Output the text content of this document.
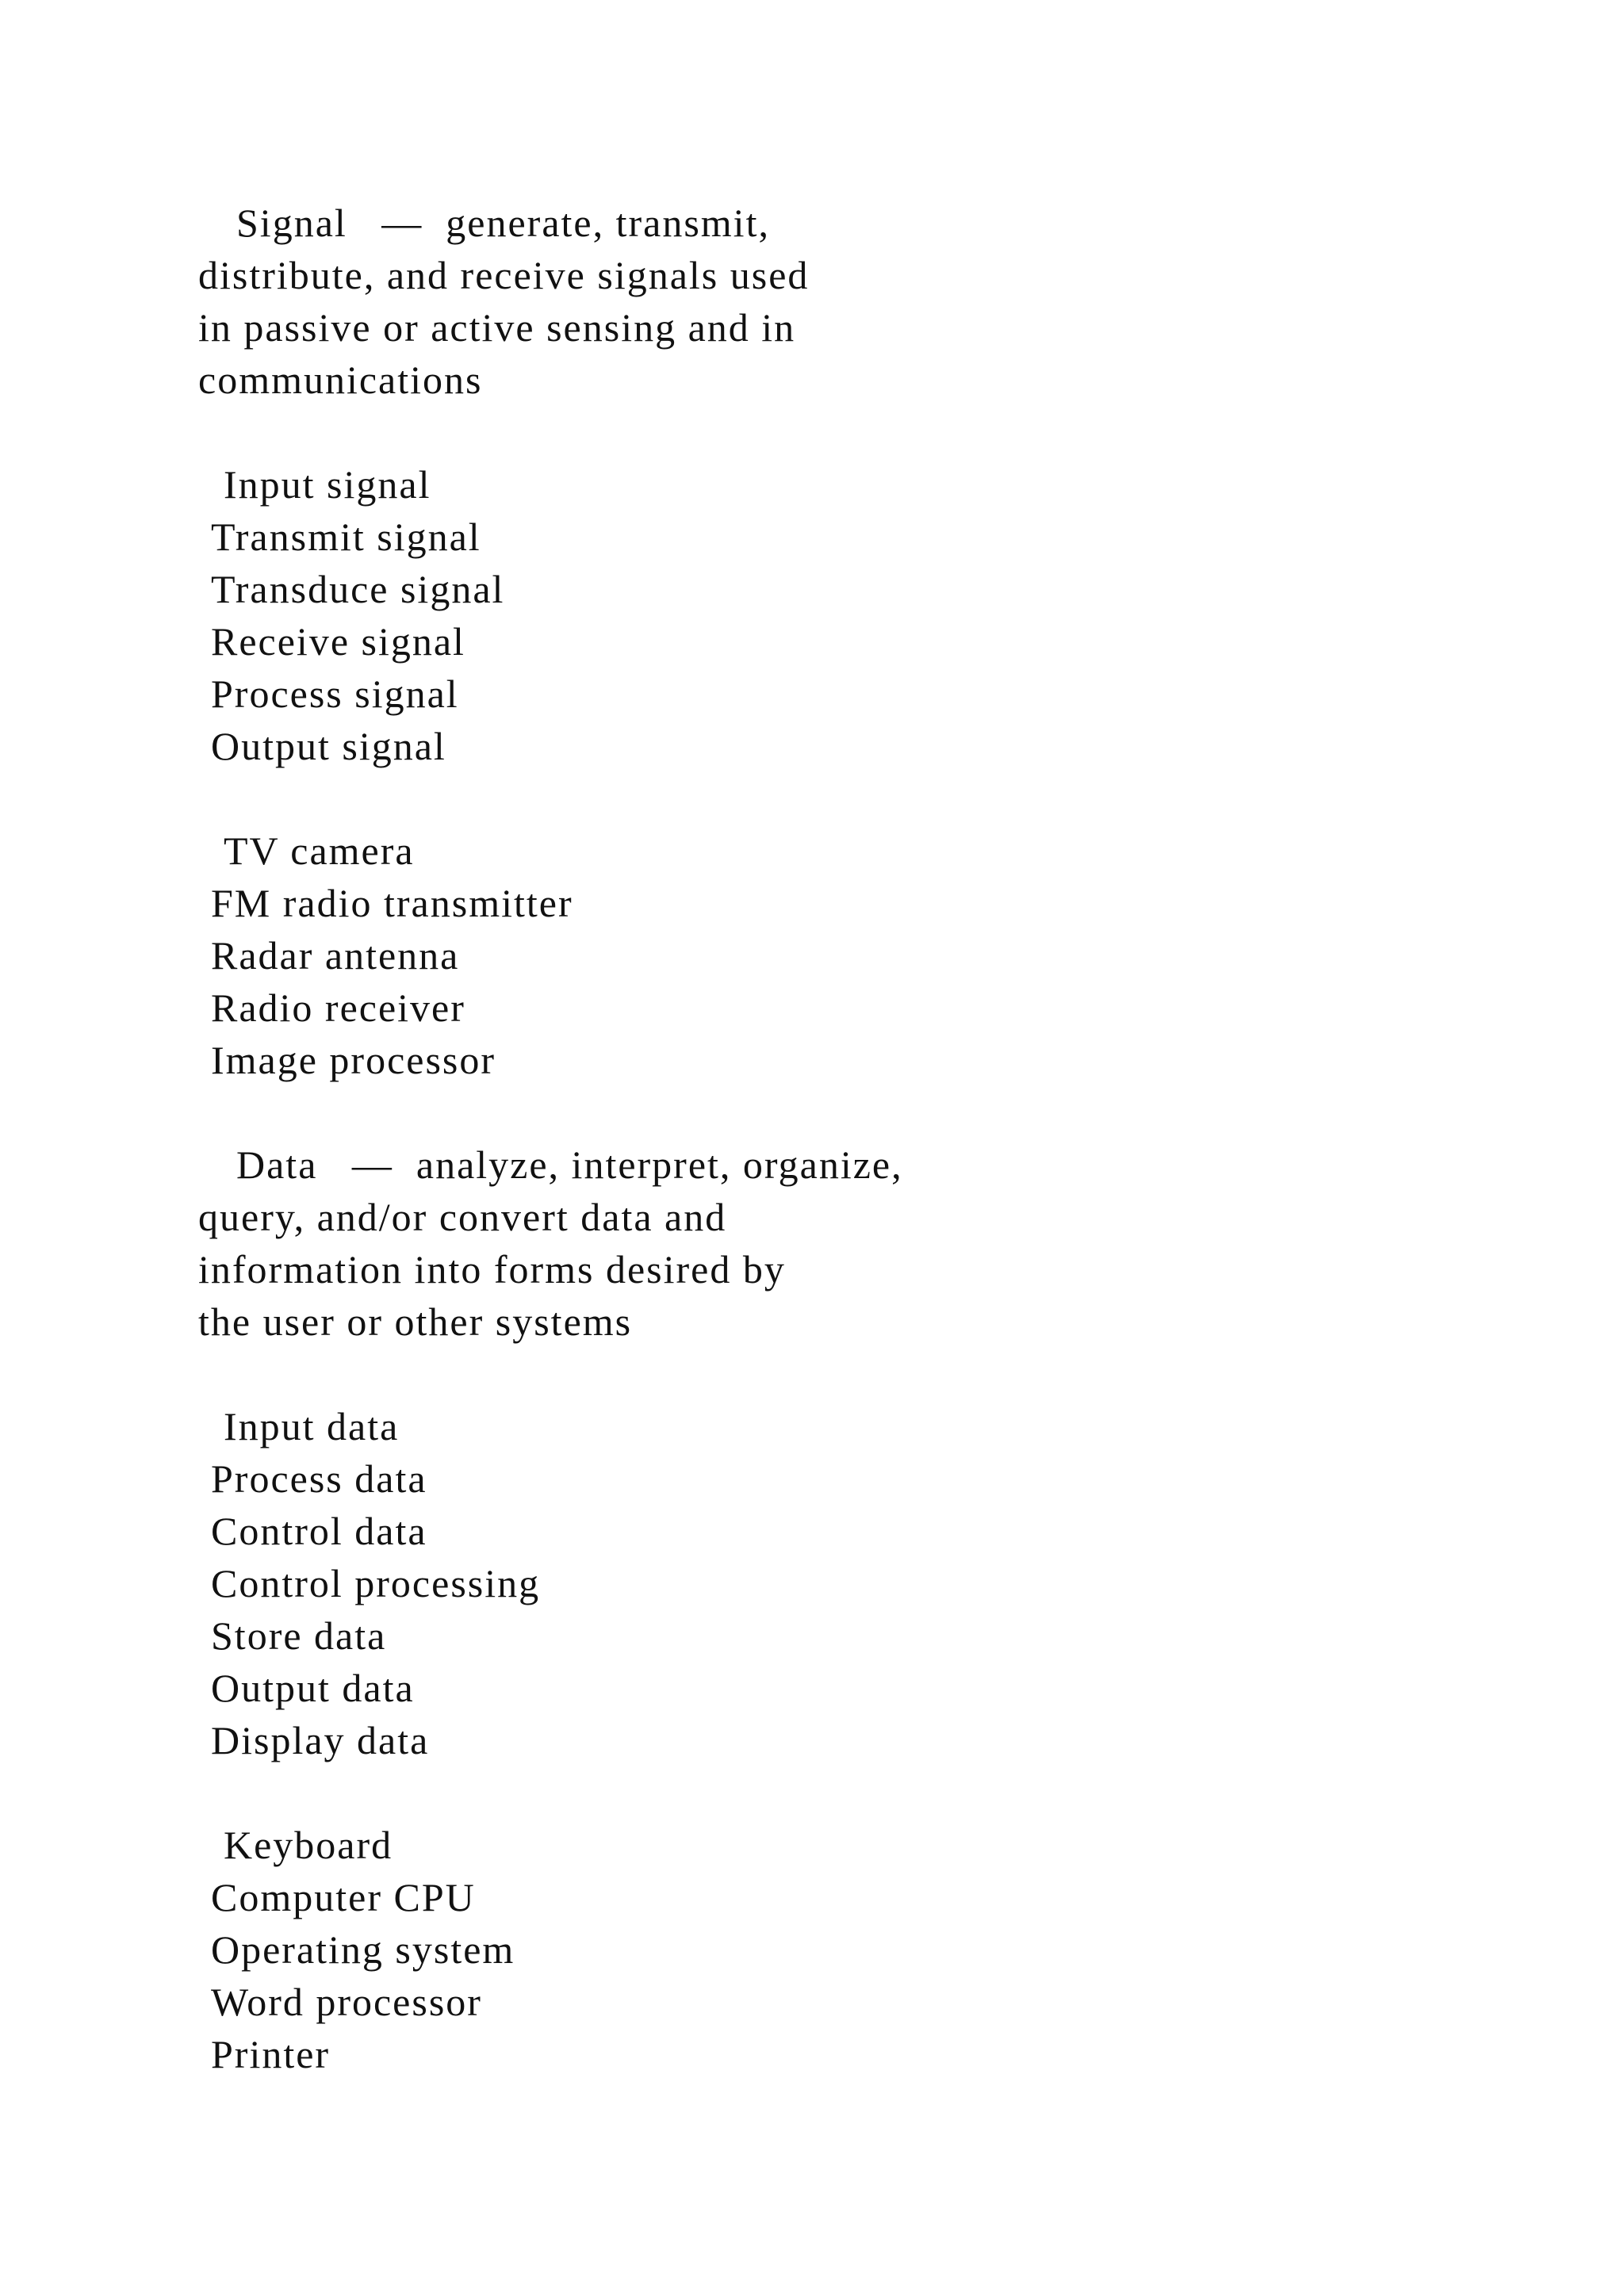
Signal   —  generate, transmit,

distribute, and receive signals used

in passive or active sensing and in

communications

Input signal

Transmit signal

Transduce signal

Receive signal

Process signal

Output signal

TV camera

FM radio transmitter

Radar antenna

Radio receiver

Image processor

Data   —  analyze, interpret, organize,

query, and/or convert data and

information into forms desired by

the user or other systems

Input data

Process data

Control data

Control processing

Store data

Output data

Display data

Keyboard

Computer CPU

Operating system

Word processor

Printer
